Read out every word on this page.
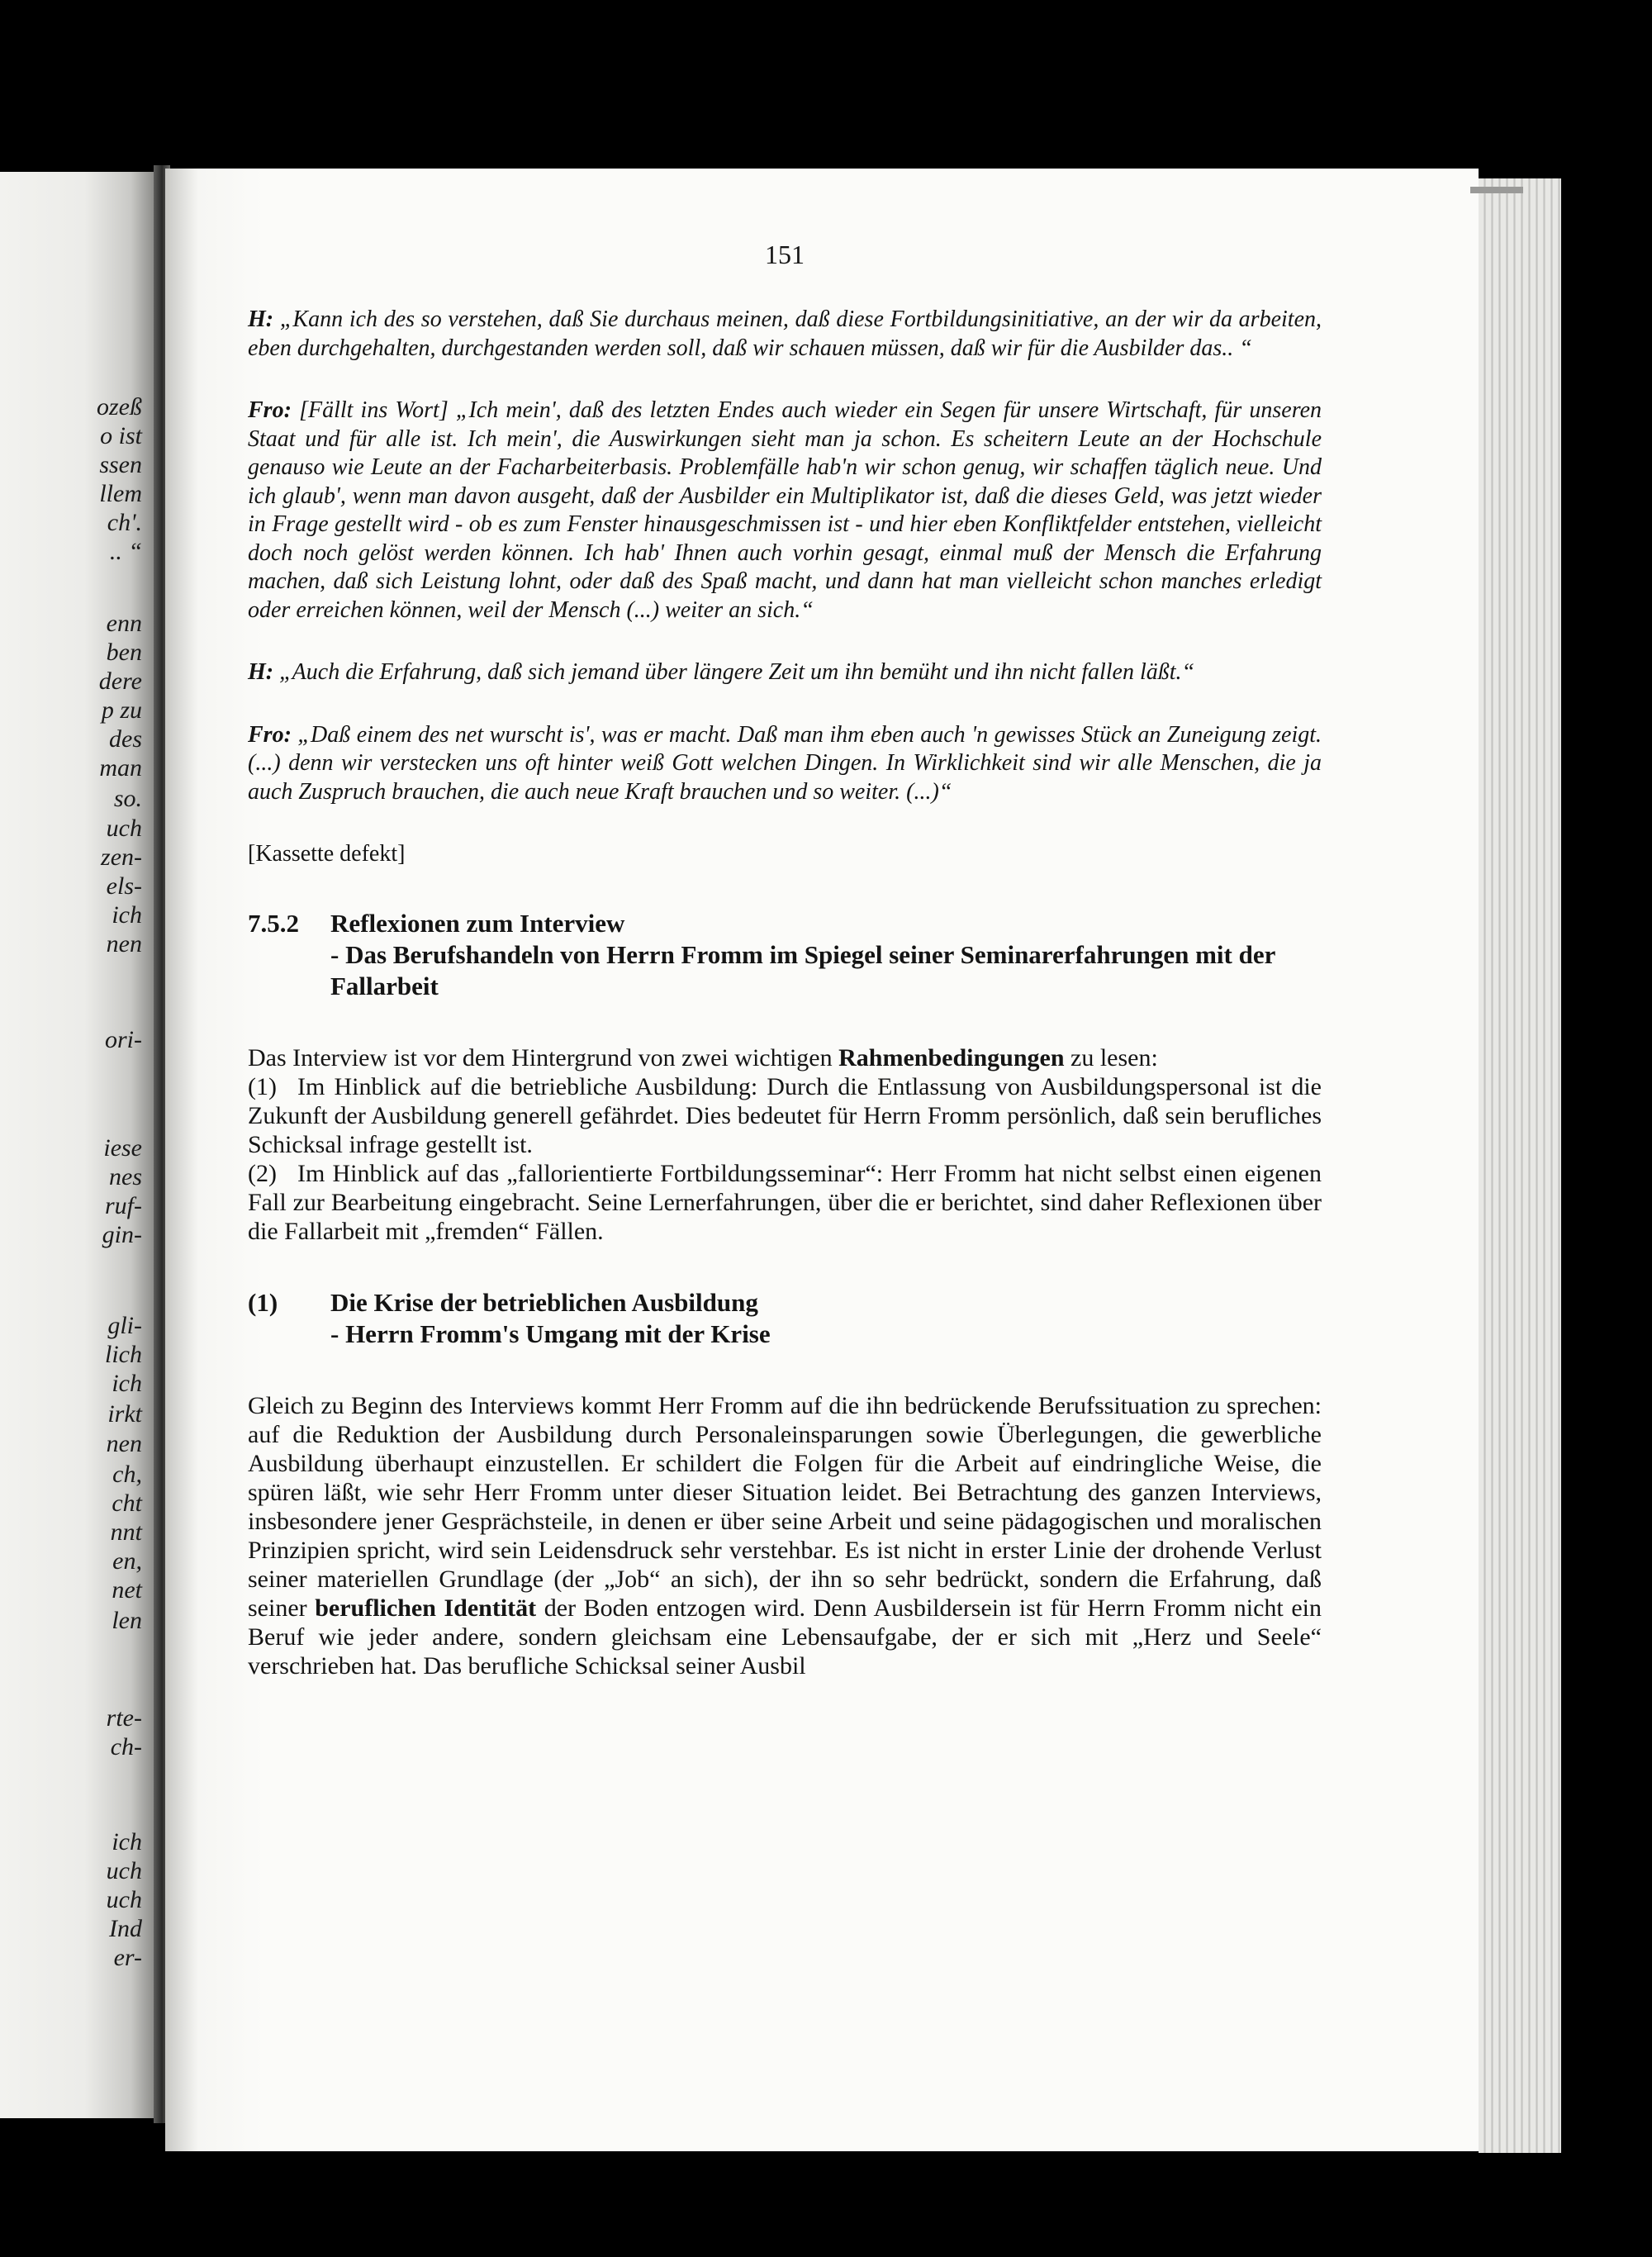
ozeß
o ist
ssen
llem
ch'.
.. “
enn
ben
dere
p zu
des
man
so.
uch
zen-
els-
ich
nen
ori-
iese
nes
ruf-
gin-
gli-
lich
ich
irkt
nen
ch,
cht
nnt
en,
net
len
rte-
ch-
ich
uch
uch
Ind
er-
151

H: „Kann ich des so verstehen, daß Sie durchaus meinen, daß diese Fortbildungsinitiative, an der wir da arbeiten, eben durchgehalten, durchgestanden werden soll, daß wir schauen müssen, daß wir für die Ausbilder das.. “

Fro: [Fällt ins Wort] „Ich mein', daß des letzten Endes auch wieder ein Segen für unsere Wirtschaft, für unseren Staat und für alle ist. Ich mein', die Auswirkungen sieht man ja schon. Es scheitern Leute an der Hochschule genauso wie Leute an der Facharbeiterbasis. Problemfälle hab'n wir schon genug, wir schaffen täglich neue. Und ich glaub', wenn man davon ausgeht, daß der Ausbilder ein Multiplikator ist, daß die dieses Geld, was jetzt wieder in Frage gestellt wird - ob es zum Fenster hinausgeschmissen ist - und hier eben Konfliktfelder entstehen, vielleicht doch noch gelöst werden können. Ich hab' Ihnen auch vorhin gesagt, einmal muß der Mensch die Erfahrung machen, daß sich Leistung lohnt, oder daß des Spaß macht, und dann hat man vielleicht schon manches erledigt oder erreichen können, weil der Mensch (...) weiter an sich.“

H: „Auch die Erfahrung, daß sich jemand über längere Zeit um ihn bemüht und ihn nicht fallen läßt.“

Fro: „Daß einem des net wurscht is', was er macht. Daß man ihm eben auch 'n gewisses Stück an Zuneigung zeigt. (...) denn wir verstecken uns oft hinter weiß Gott welchen Dingen. In Wirklichkeit sind wir alle Menschen, die ja auch Zuspruch brauchen, die auch neue Kraft brauchen und so weiter. (...)“

[Kassette defekt]
7.5.2	Reflexionen zum Interview
- Das Berufshandeln von Herrn Fromm im Spiegel seiner Seminarerfahrungen mit der Fallarbeit
Das Interview ist vor dem Hintergrund von zwei wichtigen Rahmenbedingungen zu lesen:
(1) Im Hinblick auf die betriebliche Ausbildung: Durch die Entlassung von Ausbildungspersonal ist die Zukunft der Ausbildung generell gefährdet. Dies bedeutet für Herrn Fromm persönlich, daß sein berufliches Schicksal infrage gestellt ist.
(2) Im Hinblick auf das „fallorientierte Fortbildungsseminar“: Herr Fromm hat nicht selbst einen eigenen Fall zur Bearbeitung eingebracht. Seine Lernerfahrungen, über die er berichtet, sind daher Reflexionen über die Fallarbeit mit „fremden“ Fällen.
(1)	Die Krise der betrieblichen Ausbildung
- Herrn Fromm's Umgang mit der Krise
Gleich zu Beginn des Interviews kommt Herr Fromm auf die ihn bedrückende Berufssituation zu sprechen: auf die Reduktion der Ausbildung durch Personaleinsparungen sowie Überlegungen, die gewerbliche Ausbildung überhaupt einzustellen. Er schildert die Folgen für die Arbeit auf eindringliche Weise, die spüren läßt, wie sehr Herr Fromm unter dieser Situation leidet. Bei Betrachtung des ganzen Interviews, insbesondere jener Gesprächsteile, in denen er über seine Arbeit und seine pädagogischen und moralischen Prinzipien spricht, wird sein Leidensdruck sehr verstehbar. Es ist nicht in erster Linie der drohende Verlust seiner materiellen Grundlage (der „Job“ an sich), der ihn so sehr bedrückt, sondern die Erfahrung, daß seiner beruflichen Identität der Boden entzogen wird. Denn Ausbildersein ist für Herrn Fromm nicht ein Beruf wie jeder andere, sondern gleichsam eine Lebensaufgabe, der er sich mit „Herz und Seele“ verschrieben hat. Das berufliche Schicksal seiner Ausbil
